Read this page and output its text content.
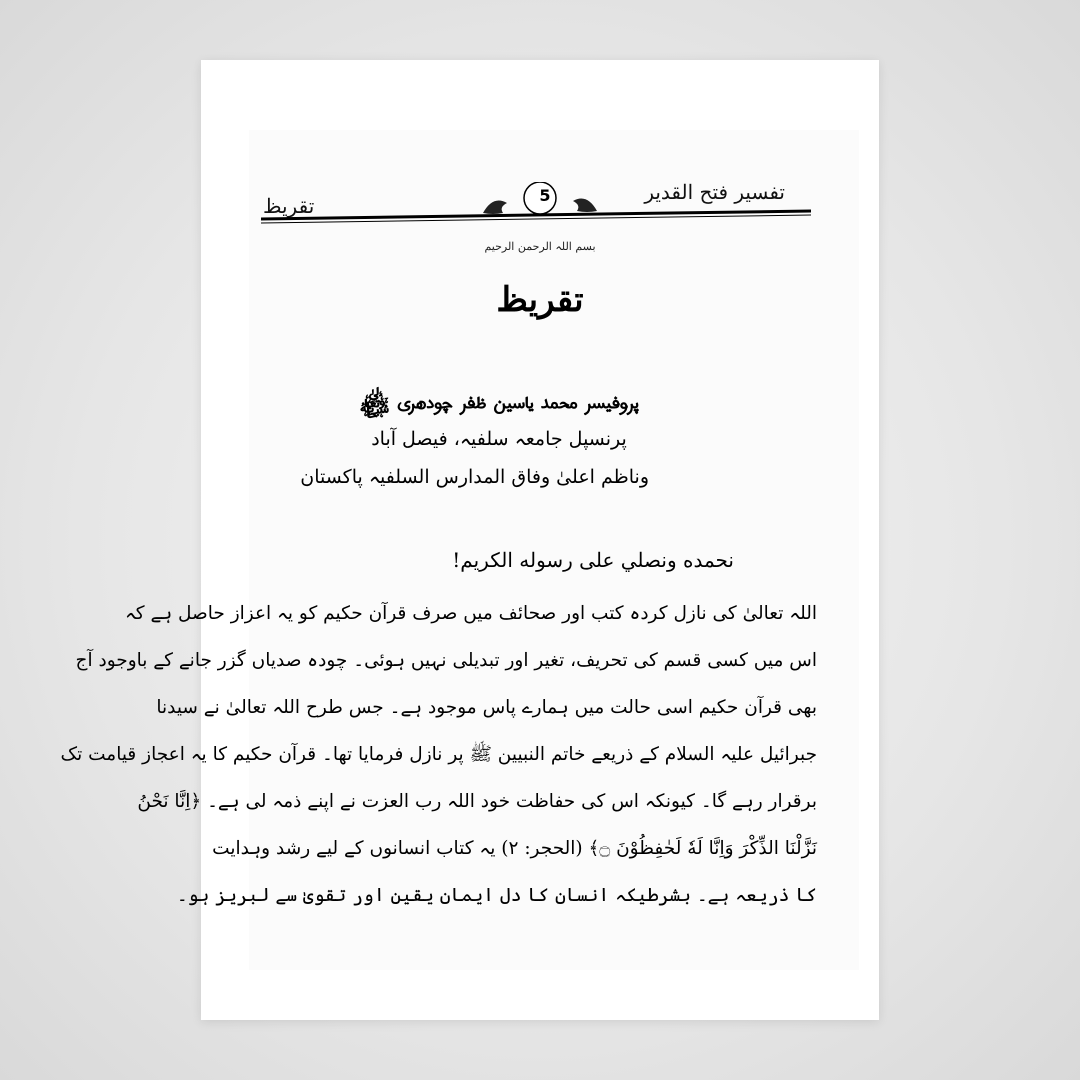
تفسیر فتح القدیر
تقریظ	5
بسم اللہ الرحمن الرحیم
تقریظ
پروفیسر محمد یاسین ظفر چودھری ﷾
پرنسپل جامعہ سلفیہ، فیصل آباد
وناظم اعلیٰ وفاق المدارس السلفیہ پاکستان
نحمده ونصلي على رسوله الكريم!
اللہ تعالیٰ کی نازل کردہ کتب اور صحائف میں صرف قرآن حکیم کو یہ اعزاز حاصل ہے کہ
اس میں کسی قسم کی تحریف، تغیر اور تبدیلی نہیں ہوئی۔ چودہ صدیاں گزر جانے کے باوجود آج
بھی قرآن حکیم اسی حالت میں ہمارے پاس موجود ہے۔ جس طرح اللہ تعالیٰ نے سیدنا
جبرائیل علیہ السلام کے ذریعے خاتم النبیین ﷺ پر نازل فرمایا تھا۔ قرآن حکیم کا یہ اعجاز قیامت تک
برقرار رہے گا۔ کیونکہ اس کی حفاظت خود اللہ رب العزت نے اپنے ذمہ لی ہے۔ ﴿اِنَّا نَحْنُ
نَزَّلْنَا الذِّكْرَ وَاِنَّا لَهٗ لَحٰفِظُوْنَ ۝﴾ (الحجر: ۲) یہ کتاب انسانوں کے لیے رشد وہدایت
کا ذریعہ ہے۔ بشرطیکہ انسان کا دل ایمان یقین اور تقویٰ سے لبریز ہو۔
